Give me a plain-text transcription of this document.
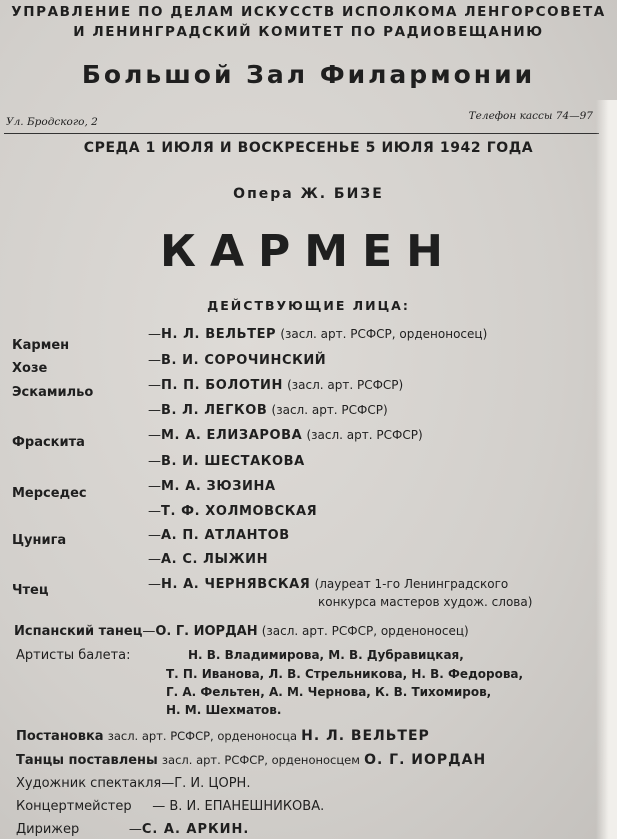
УПРАВЛЕНИЕ ПО ДЕЛАМ ИСКУССТВ ИСПОЛКОМА ЛЕНГОРСОВЕТА
И ЛЕНИНГРАДСКИЙ КОМИТЕТ ПО РАДИОВЕЩАНИЮ
Большой Зал Филармонии
Ул. Бродского, 2	Телефон кассы 74—97
СРЕДА 1 ИЮЛЯ И ВОСКРЕСЕНЬЕ 5 ИЮЛЯ 1942 ГОДА
Опера Ж. БИЗЕ
КАРМЕН
ДЕЙСТВУЮЩИЕ ЛИЦА:
Кармен
—Н. Л. ВЕЛЬТЕР (засл. арт. РСФСР, орденоносец)
Хозе
—В. И. СОРОЧИНСКИЙ
Эскамильо	—П. П. БОЛОТИН (засл. арт. РСФСР)
—В. Л. ЛЕГКОВ (засл. арт. РСФСР)
Фраскита	—М. А. ЕЛИЗАРОВА (засл. арт. РСФСР)
—В. И. ШЕСТАКОВА
Мерседес	—М. А. ЗЮЗИНА
—Т. Ф. ХОЛМОВСКАЯ
Цунига	—А. П. АТЛАНТОВ
—А. С. ЛЫЖИН
Чтец	—Н. А. ЧЕРНЯВСКАЯ (лауреат 1-го Ленинградского
конкурса мастеров худож. слова)
Испанский танец—О. Г. ИОРДАН (засл. арт. РСФСР, орденоносец)
Артисты балета:	Н. В. Владимирова, М. В. Дубравицкая,
Т. П. Иванова, Л. В. Стрельникова, Н. В. Федорова,
Г. А. Фельтен, А. М. Чернова, К. В. Тихомиров,
Н. М. Шехматов.
Постановка засл. арт. РСФСР, орденоносца Н. Л. ВЕЛЬТЕР
Танцы поставлены засл. арт. РСФСР, орденоносцем О. Г. ИОРДАН
Художник спектакля—Г. И. ЦОРН.
Концертмейстер     — В. И. ЕПАНЕШНИКОВА.
Дирижер            —С. А. АРКИН.
